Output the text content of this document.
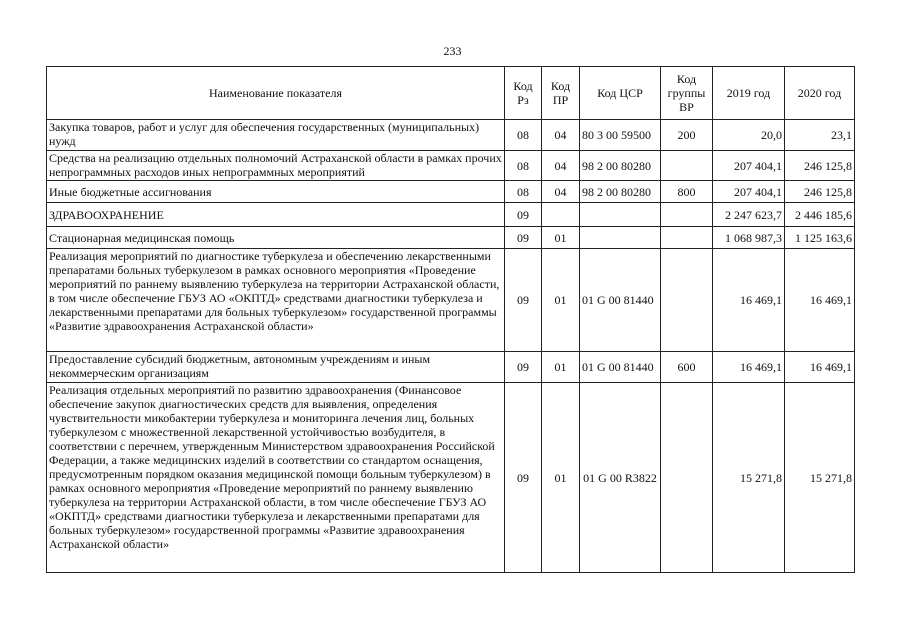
233
Наименование показателя	Код Рз	Код ПР	Код ЦСР	Код группы ВР	2019 год	2020 год
Закупка товаров, работ и услуг для обеспечения государственных (муниципальных) нужд	08	04	80 3 00 59500	200	20,0	23,1
Средства на реализацию отдельных полномочий Астраханской области в рамках прочих непрограммных расходов иных непрограммных мероприятий	08	04	98 2 00 80280		207 404,1	246 125,8
Иные бюджетные ассигнования	08	04	98 2 00 80280	800	207 404,1	246 125,8
ЗДРАВООХРАНЕНИЕ	09				2 247 623,7	2 446 185,6
Стационарная медицинская помощь	09	01			1 068 987,3	1 125 163,6
Реализация мероприятий по диагностике туберкулеза и обеспечению лекарственными препаратами больных туберкулезом в рамках основного мероприятия «Проведение мероприятий по раннему выявлению туберкулеза на территории Астраханской области, в том числе обеспечение ГБУЗ АО «ОКПТД» средствами диагностики туберкулеза и лекарственными препаратами для больных туберкулезом» государственной программы «Развитие здравоохранения Астраханской области»	09	01	01 G 00 81440		16 469,1	16 469,1
Предоставление субсидий бюджетным, автономным учреждениям и иным некоммерческим организациям	09	01	01 G 00 81440	600	16 469,1	16 469,1
Реализация отдельных мероприятий по развитию здравоохранения (Финансовое обеспечение закупок диагностических средств для выявления, определения чувствительности микобактерии туберкулеза и мониторинга лечения лиц, больных туберкулезом с множественной лекарственной устойчивостью возбудителя, в соответствии с перечнем, утвержденным Министерством здравоохранения Российской Федерации, а также медицинских изделий в соответствии со стандартом оснащения, предусмотренным порядком оказания медицинской помощи больным туберкулезом) в рамках основного мероприятия «Проведение мероприятий по раннему выявлению туберкулеза на территории Астраханской области, в том числе обеспечение ГБУЗ АО «ОКПТД» средствами диагностики туберкулеза и лекарственными препаратами для больных туберкулезом» государственной программы «Развитие здравоохранения Астраханской области»	09	01	01 G 00 R3822		15 271,8	15 271,8
